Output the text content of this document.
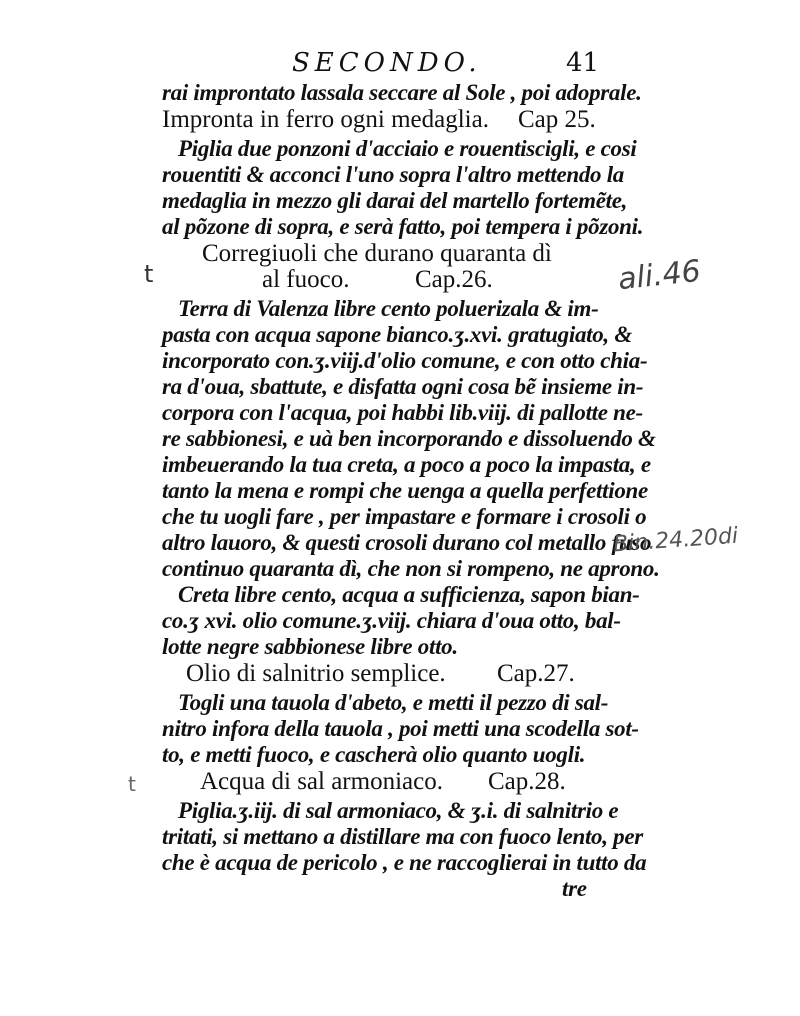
SECONDO.	41
rai improntato lassala seccare al Sole , poi adoprale.
Impronta in ferro ogni medaglia. Cap 25.
Piglia due ponzoni d'acciaio e rouentiscigli, e cosi
rouentiti & acconci l'uno sopra l'altro mettendo la
medaglia in mezzo gli darai del martello fortemẽte,
al põzone di sopra, e serà fatto, poi tempera i põzoni.
Corregiuoli che durano quaranta dì
al fuoco.	Cap.26.
Terra di Valenza libre cento poluerizala & im-
pasta con acqua sapone bianco.ʒ.xvi. gratugiato, &
incorporato con.ʒ.viij.d'olio comune, e con otto chia-
ra d'oua, sbattute, e disfatta ogni cosa bẽ insieme in-
corpora con l'acqua, poi habbi lib.viij. di pallotte ne-
re sabbionesi, e uà ben incorporando e dissoluendo &
imbeuerando la tua creta, a poco a poco la impasta, e
tanto la mena e rompi che uenga a quella perfettione
che tu uogli fare , per impastare e formare i crosoli o
altro lauoro, & questi crosoli durano col metallo fuso
continuo quaranta dì, che non si rompeno, ne aprono.
Creta libre cento, acqua a sufficienza, sapon bian-
co.ʒ xvi. olio comune.ʒ.viij. chiara d'oua otto, bal-
lotte negre sabbionese libre otto.
Olio di salnitrio semplice. Cap.27.
Togli una tauola d'abeto, e metti il pezzo di sal-
nitro infora della tauola , poi metti una scodella sot-
to, e metti fuoco, e cascherà olio quanto uogli.
Acqua di sal armoniaco. Cap.28.
Piglia.ʒ.iij. di sal armoniaco, & ʒ.i. di salnitrio e
tritati, si mettano a distillare ma con fuoco lento, per
che è acqua de pericolo , e ne raccoglierai in tutto da
tre
ali.46
Bin.24.20di
t
t
